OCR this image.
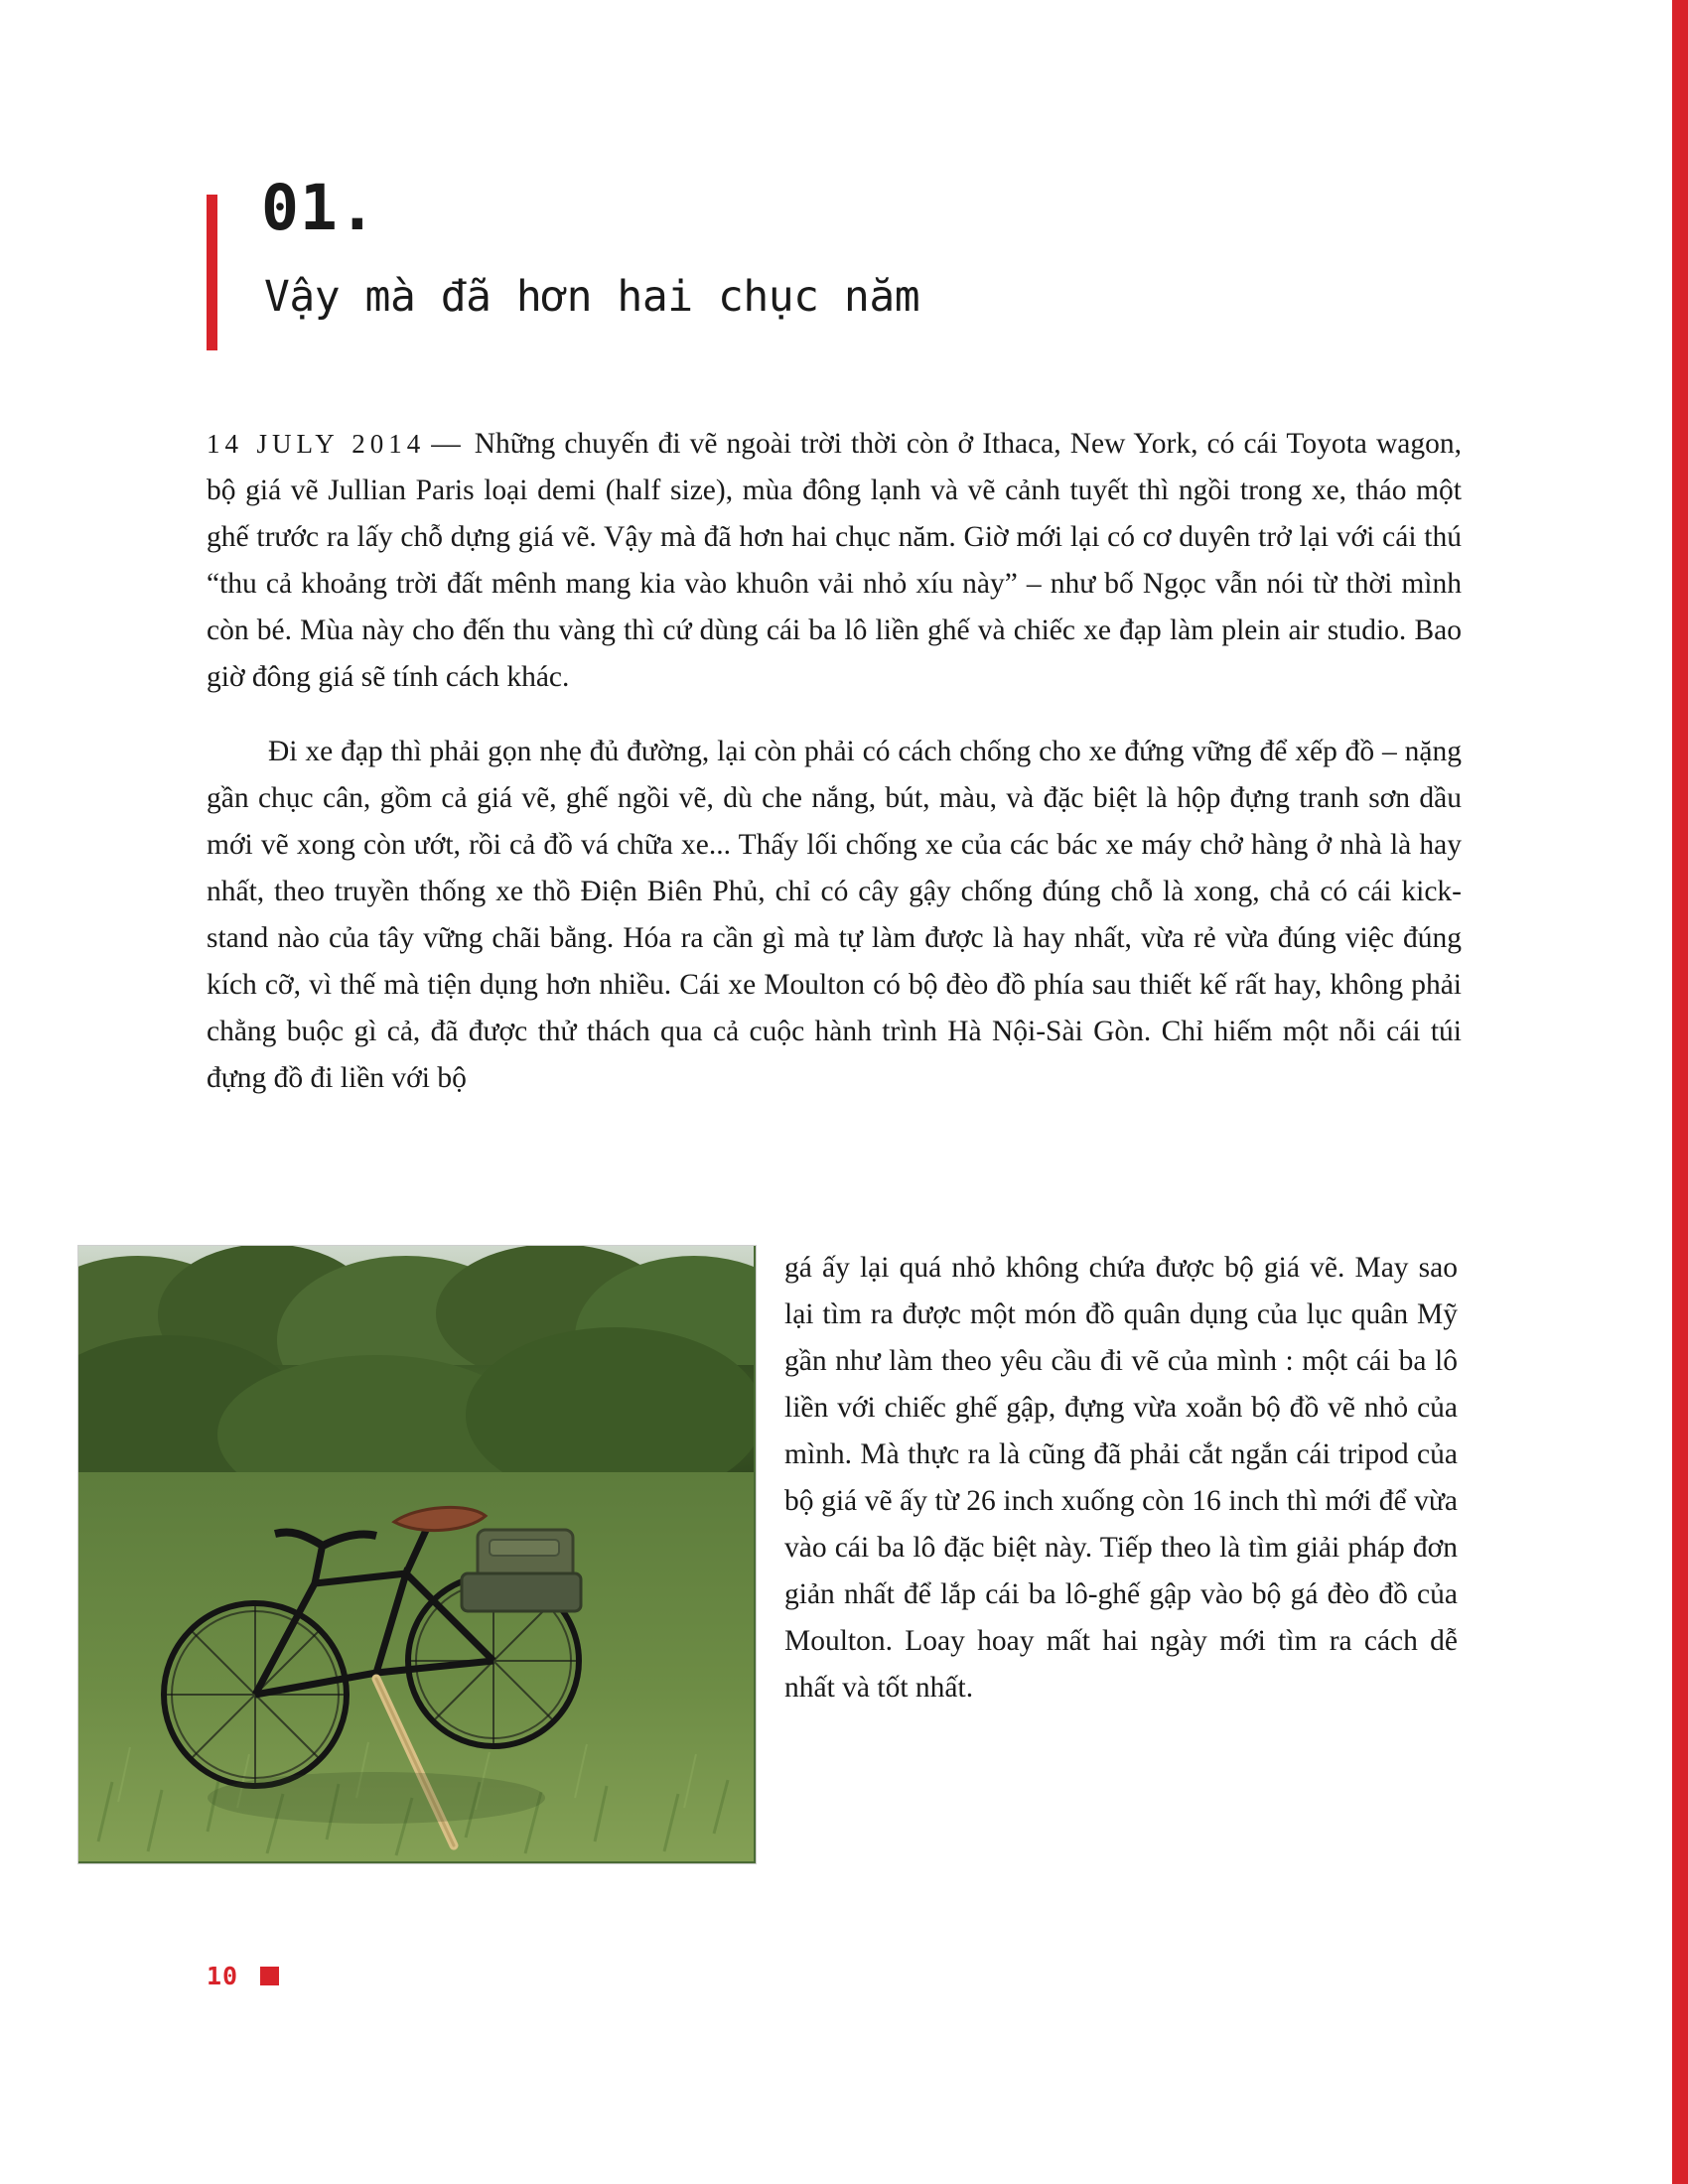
01.
Vậy mà đã hơn hai chục năm

14 JULY 2014 — Những chuyến đi vẽ ngoài trời thời còn ở Ithaca, New York, có cái Toyota wagon, bộ giá vẽ Jullian Paris loại demi (half size), mùa đông lạnh và vẽ cảnh tuyết thì ngồi trong xe, tháo một ghế trước ra lấy chỗ dựng giá vẽ. Vậy mà đã hơn hai chục năm. Giờ mới lại có cơ duyên trở lại với cái thú “thu cả khoảng trời đất mênh mang kia vào khuôn vải nhỏ xíu này” – như bố Ngọc vẫn nói từ thời mình còn bé. Mùa này cho đến thu vàng thì cứ dùng cái ba lô liền ghế và chiếc xe đạp làm plein air studio. Bao giờ đông giá sẽ tính cách khác.

Đi xe đạp thì phải gọn nhẹ đủ đường, lại còn phải có cách chống cho xe đứng vững để xếp đồ – nặng gần chục cân, gồm cả giá vẽ, ghế ngồi vẽ, dù che nắng, bút, màu, và đặc biệt là hộp đựng tranh sơn dầu mới vẽ xong còn ướt, rồi cả đồ vá chữa xe... Thấy lối chống xe của các bác xe máy chở hàng ở nhà là hay nhất, theo truyền thống xe thồ Điện Biên Phủ, chỉ có cây gậy chống đúng chỗ là xong, chả có cái kick-stand nào của tây vững chãi bằng. Hóa ra cần gì mà tự làm được là hay nhất, vừa rẻ vừa đúng việc đúng kích cỡ, vì thế mà tiện dụng hơn nhiều. Cái xe Moulton có bộ đèo đồ phía sau thiết kế rất hay, không phải chằng buộc gì cả, đã được thử thách qua cả cuộc hành trình Hà Nội-Sài Gòn. Chỉ hiếm một nỗi cái túi đựng đồ đi liền với bộ

gá ấy lại quá nhỏ không chứa được bộ giá vẽ. May sao lại tìm ra được một món đồ quân dụng của lục quân Mỹ gần như làm theo yêu cầu đi vẽ của mình : một cái ba lô liền với chiếc ghế gập, đựng vừa xoẳn bộ đồ vẽ nhỏ của mình. Mà thực ra là cũng đã phải cắt ngắn cái tripod của bộ giá vẽ ấy từ 26 inch xuống còn 16 inch thì mới để vừa vào cái ba lô đặc biệt này. Tiếp theo là tìm giải pháp đơn giản nhất để lắp cái ba lô-ghế gập vào bộ gá đèo đồ của Moulton. Loay hoay mất hai ngày mới tìm ra cách dễ nhất và tốt nhất.

10
